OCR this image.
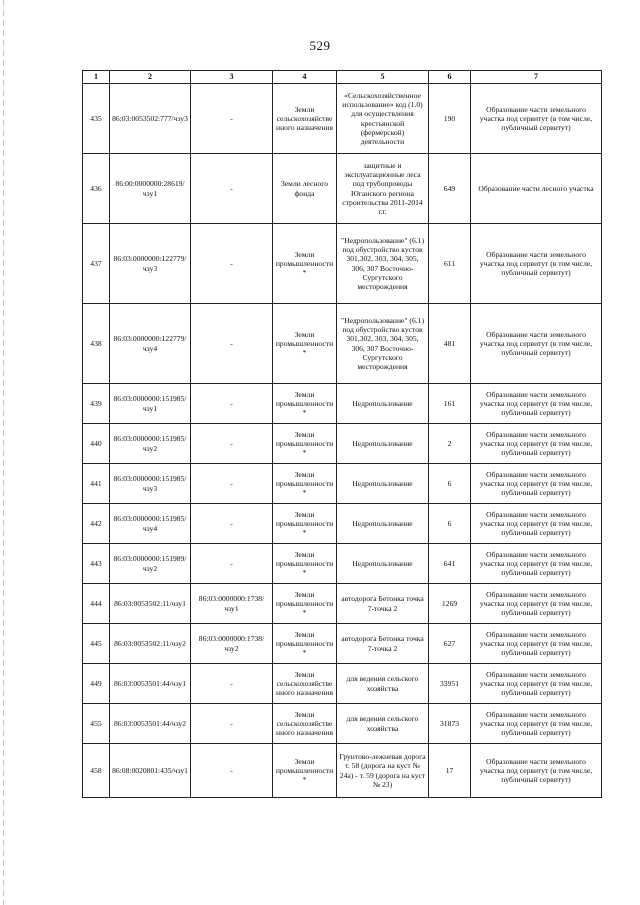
529
1	2	3	4	5	6	7
435	86:03:0053502:777/чзу3	-	Земли сельскохозяйственного назначения	«Сельскохозяйственное использование» код (1.0) для осуществления крестьянской (фермерской) деятельности	190	Образование части земельного участка под сервитут (в том числе, публичный сервитут)
436	86:00:0000000:28619/чзу1	-	Земли лесного фонда	защитные и эксплуатационные леса под трубопроводы Юганского региона строительства 2011-2014 г.г.	649	Образование части лесного участка
437	86:03:0000000:122779/чзу3	-	Земли промышленности*	"Недропользование" (6.1) под обустройство кустов 301,302, 303, 304, 305, 306, 307 Восточно-Сургутского месторождения	611	Образование части земельного участка под сервитут (в том числе, публичный сервитут)
438	86:03:0000000:122779/чзу4	-	Земли промышленности*	"Недропользование" (6.1) под обустройство кустов 301,302, 303, 304, 305, 306, 307 Восточно-Сургутского месторождения	481	Образование части земельного участка под сервитут (в том числе, публичный сервитут)
439	86:03:0000000:151985/чзу1	-	Земли промышленности*	Недропользование	161	Образование части земельного участка под сервитут (в том числе, публичный сервитут)
440	86:03:0000000:151985/чзу2	-	Земли промышленности*	Недропользование	2	Образование части земельного участка под сервитут (в том числе, публичный сервитут)
441	86:03:0000000:151985/чзу3	-	Земли промышленности*	Недропользование	6	Образование части земельного участка под сервитут (в том числе, публичный сервитут)
442	86:03:0000000:151985/чзу4	-	Земли промышленности*	Недропользование	6	Образование части земельного участка под сервитут (в том числе, публичный сервитут)
443	86:03:0000000:151989/чзу2	-	Земли промышленности*	Недропользование	641	Образование части земельного участка под сервитут (в том числе, публичный сервитут)
444	86:03:0053502:11/чзу1	86:03:0000000:1738/чзу1	Земли промышленности*	автодорога Бетонка точка 7-точка 2	1269	Образование части земельного участка под сервитут (в том числе, публичный сервитут)
445	86:03:0053502:11/чзу2	86:03:0000000:1738/чзу2	Земли промышленности*	автодорога Бетонка точка 7-точка 2	627	Образование части земельного участка под сервитут (в том числе, публичный сервитут)
449	86:03:0053501:44/чзу1	-	Земли сельскохозяйственного назначения	для ведения сельского хозяйства	33951	Образование части земельного участка под сервитут (в том числе, публичный сервитут)
455	86:03:0053501:44/чзу2	-	Земли сельскохозяйственного назначения	для ведения сельского хозяйства	31873	Образование части земельного участка под сервитут (в том числе, публичный сервитут)
458	86:08:0020801:435/чзу1	-	Земли промышленности*	Грунтово-лежневая дорога т. 58 (дорога на куст № 24а) - т. 59 (дорога на куст № 23)	17	Образование части земельного участка под сервитут (в том числе, публичный сервитут)
